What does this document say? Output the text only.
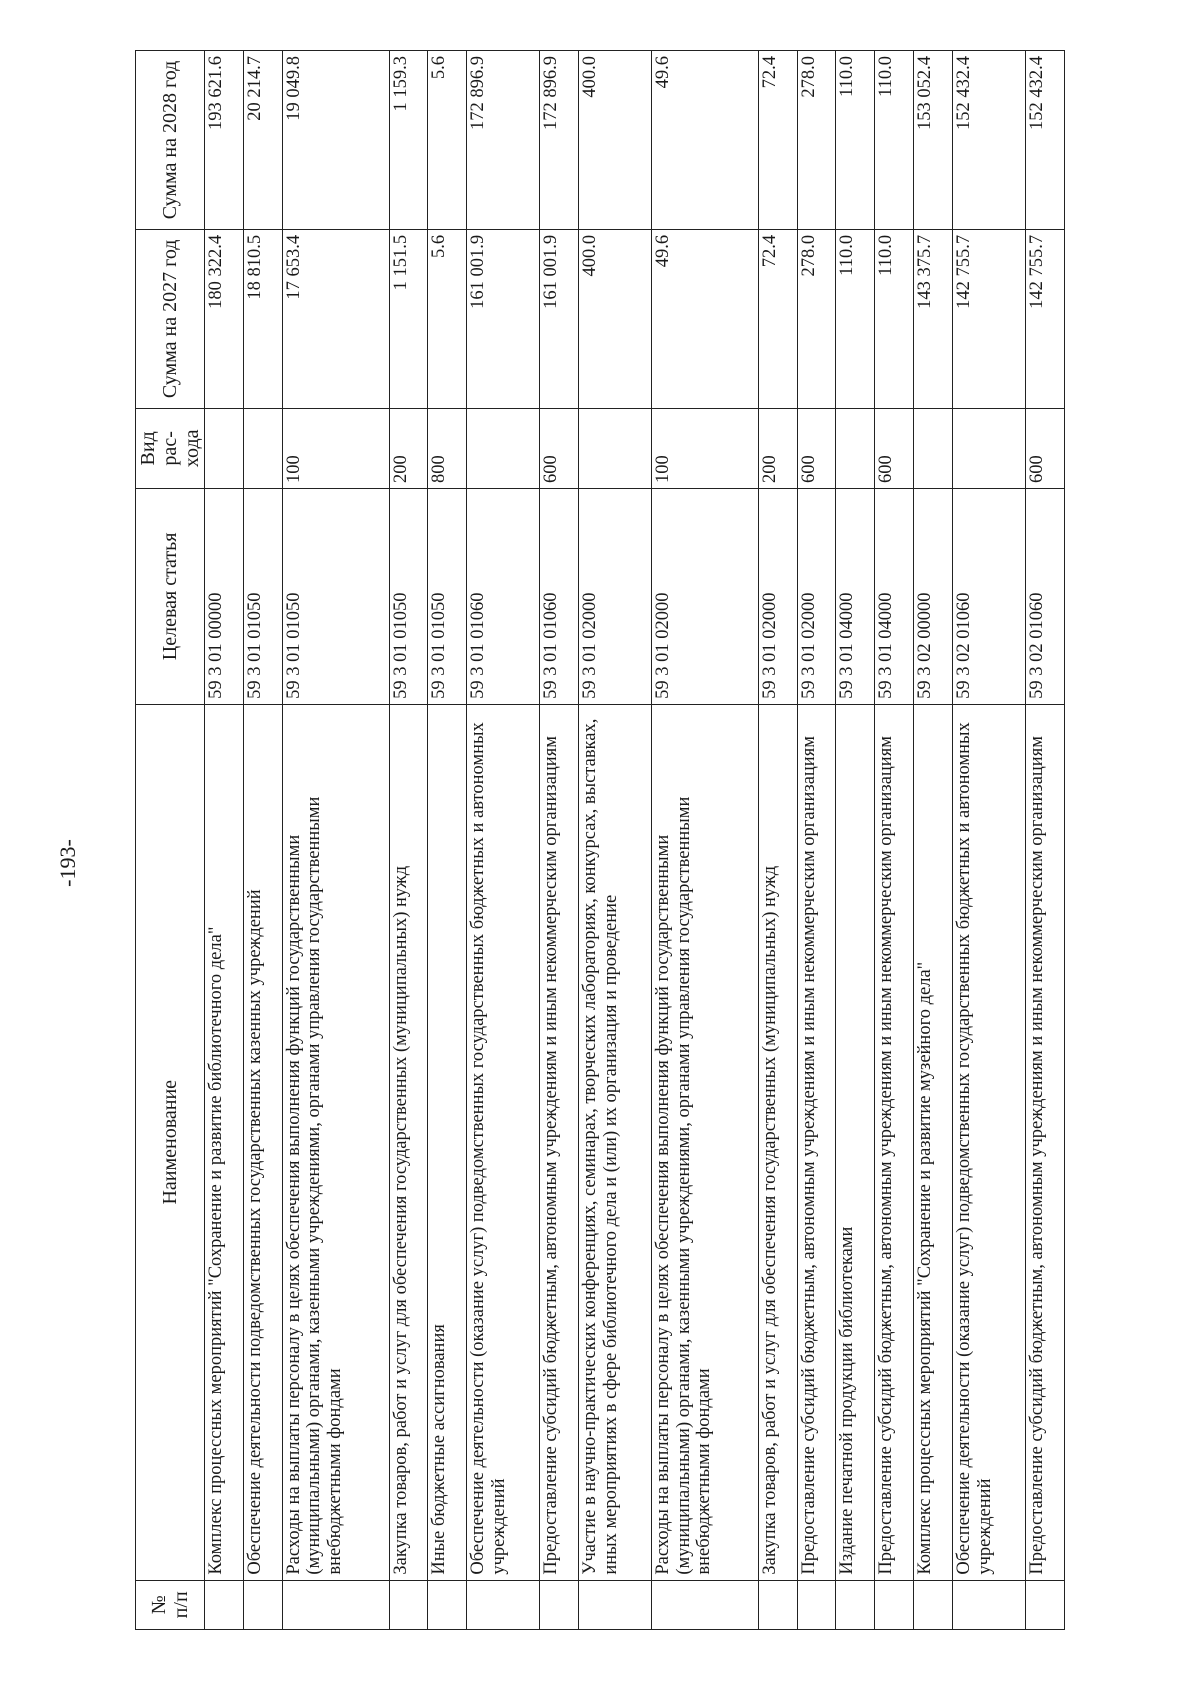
-193-
№ п/п	Наименование	Целевая статья	Вид рас-хода	Сумма на 2027 год	Сумма на 2028 год
	Комплекс процессных мероприятий "Сохранение и развитие библиотечного дела"	59 3 01 00000		180 322.4	193 621.6
	Обеспечение деятельности подведомственных государственных казенных учреждений	59 3 01 01050		18 810.5	20 214.7
	Расходы на выплаты персоналу в целях обеспечения выполнения функций государственными (муниципальными) органами, казенными учреждениями, органами управления государственными внебюджетными фондами	59 3 01 01050	100	17 653.4	19 049.8
	Закупка товаров, работ и услуг для обеспечения государственных (муниципальных) нужд	59 3 01 01050	200	1 151.5	1 159.3
	Иные бюджетные ассигнования	59 3 01 01050	800	5.6	5.6
	Обеспечение деятельности (оказание услуг) подведомственных государственных бюджетных и автономных учреждений	59 3 01 01060		161 001.9	172 896.9
	Предоставление субсидий бюджетным, автономным учреждениям и иным некоммерческим организациям	59 3 01 01060	600	161 001.9	172 896.9
	Участие в научно-практических конференциях, семинарах, творческих лабораториях, конкурсах, выставках, иных мероприятиях в сфере библиотечного дела и (или) их организация и проведение	59 3 01 02000		400.0	400.0
	Расходы на выплаты персоналу в целях обеспечения выполнения функций государственными (муниципальными) органами, казенными учреждениями, органами управления государственными внебюджетными фондами	59 3 01 02000	100	49.6	49.6
	Закупка товаров, работ и услуг для обеспечения государственных (муниципальных) нужд	59 3 01 02000	200	72.4	72.4
	Предоставление субсидий бюджетным, автономным учреждениям и иным некоммерческим организациям	59 3 01 02000	600	278.0	278.0
	Издание печатной продукции библиотеками	59 3 01 04000		110.0	110.0
	Предоставление субсидий бюджетным, автономным учреждениям и иным некоммерческим организациям	59 3 01 04000	600	110.0	110.0
	Комплекс процессных мероприятий "Сохранение и развитие музейного дела"	59 3 02 00000		143 375.7	153 052.4
	Обеспечение деятельности (оказание услуг) подведомственных государственных бюджетных и автономных учреждений	59 3 02 01060		142 755.7	152 432.4
	Предоставление субсидий бюджетным, автономным учреждениям и иным некоммерческим организациям	59 3 02 01060	600	142 755.7	152 432.4
